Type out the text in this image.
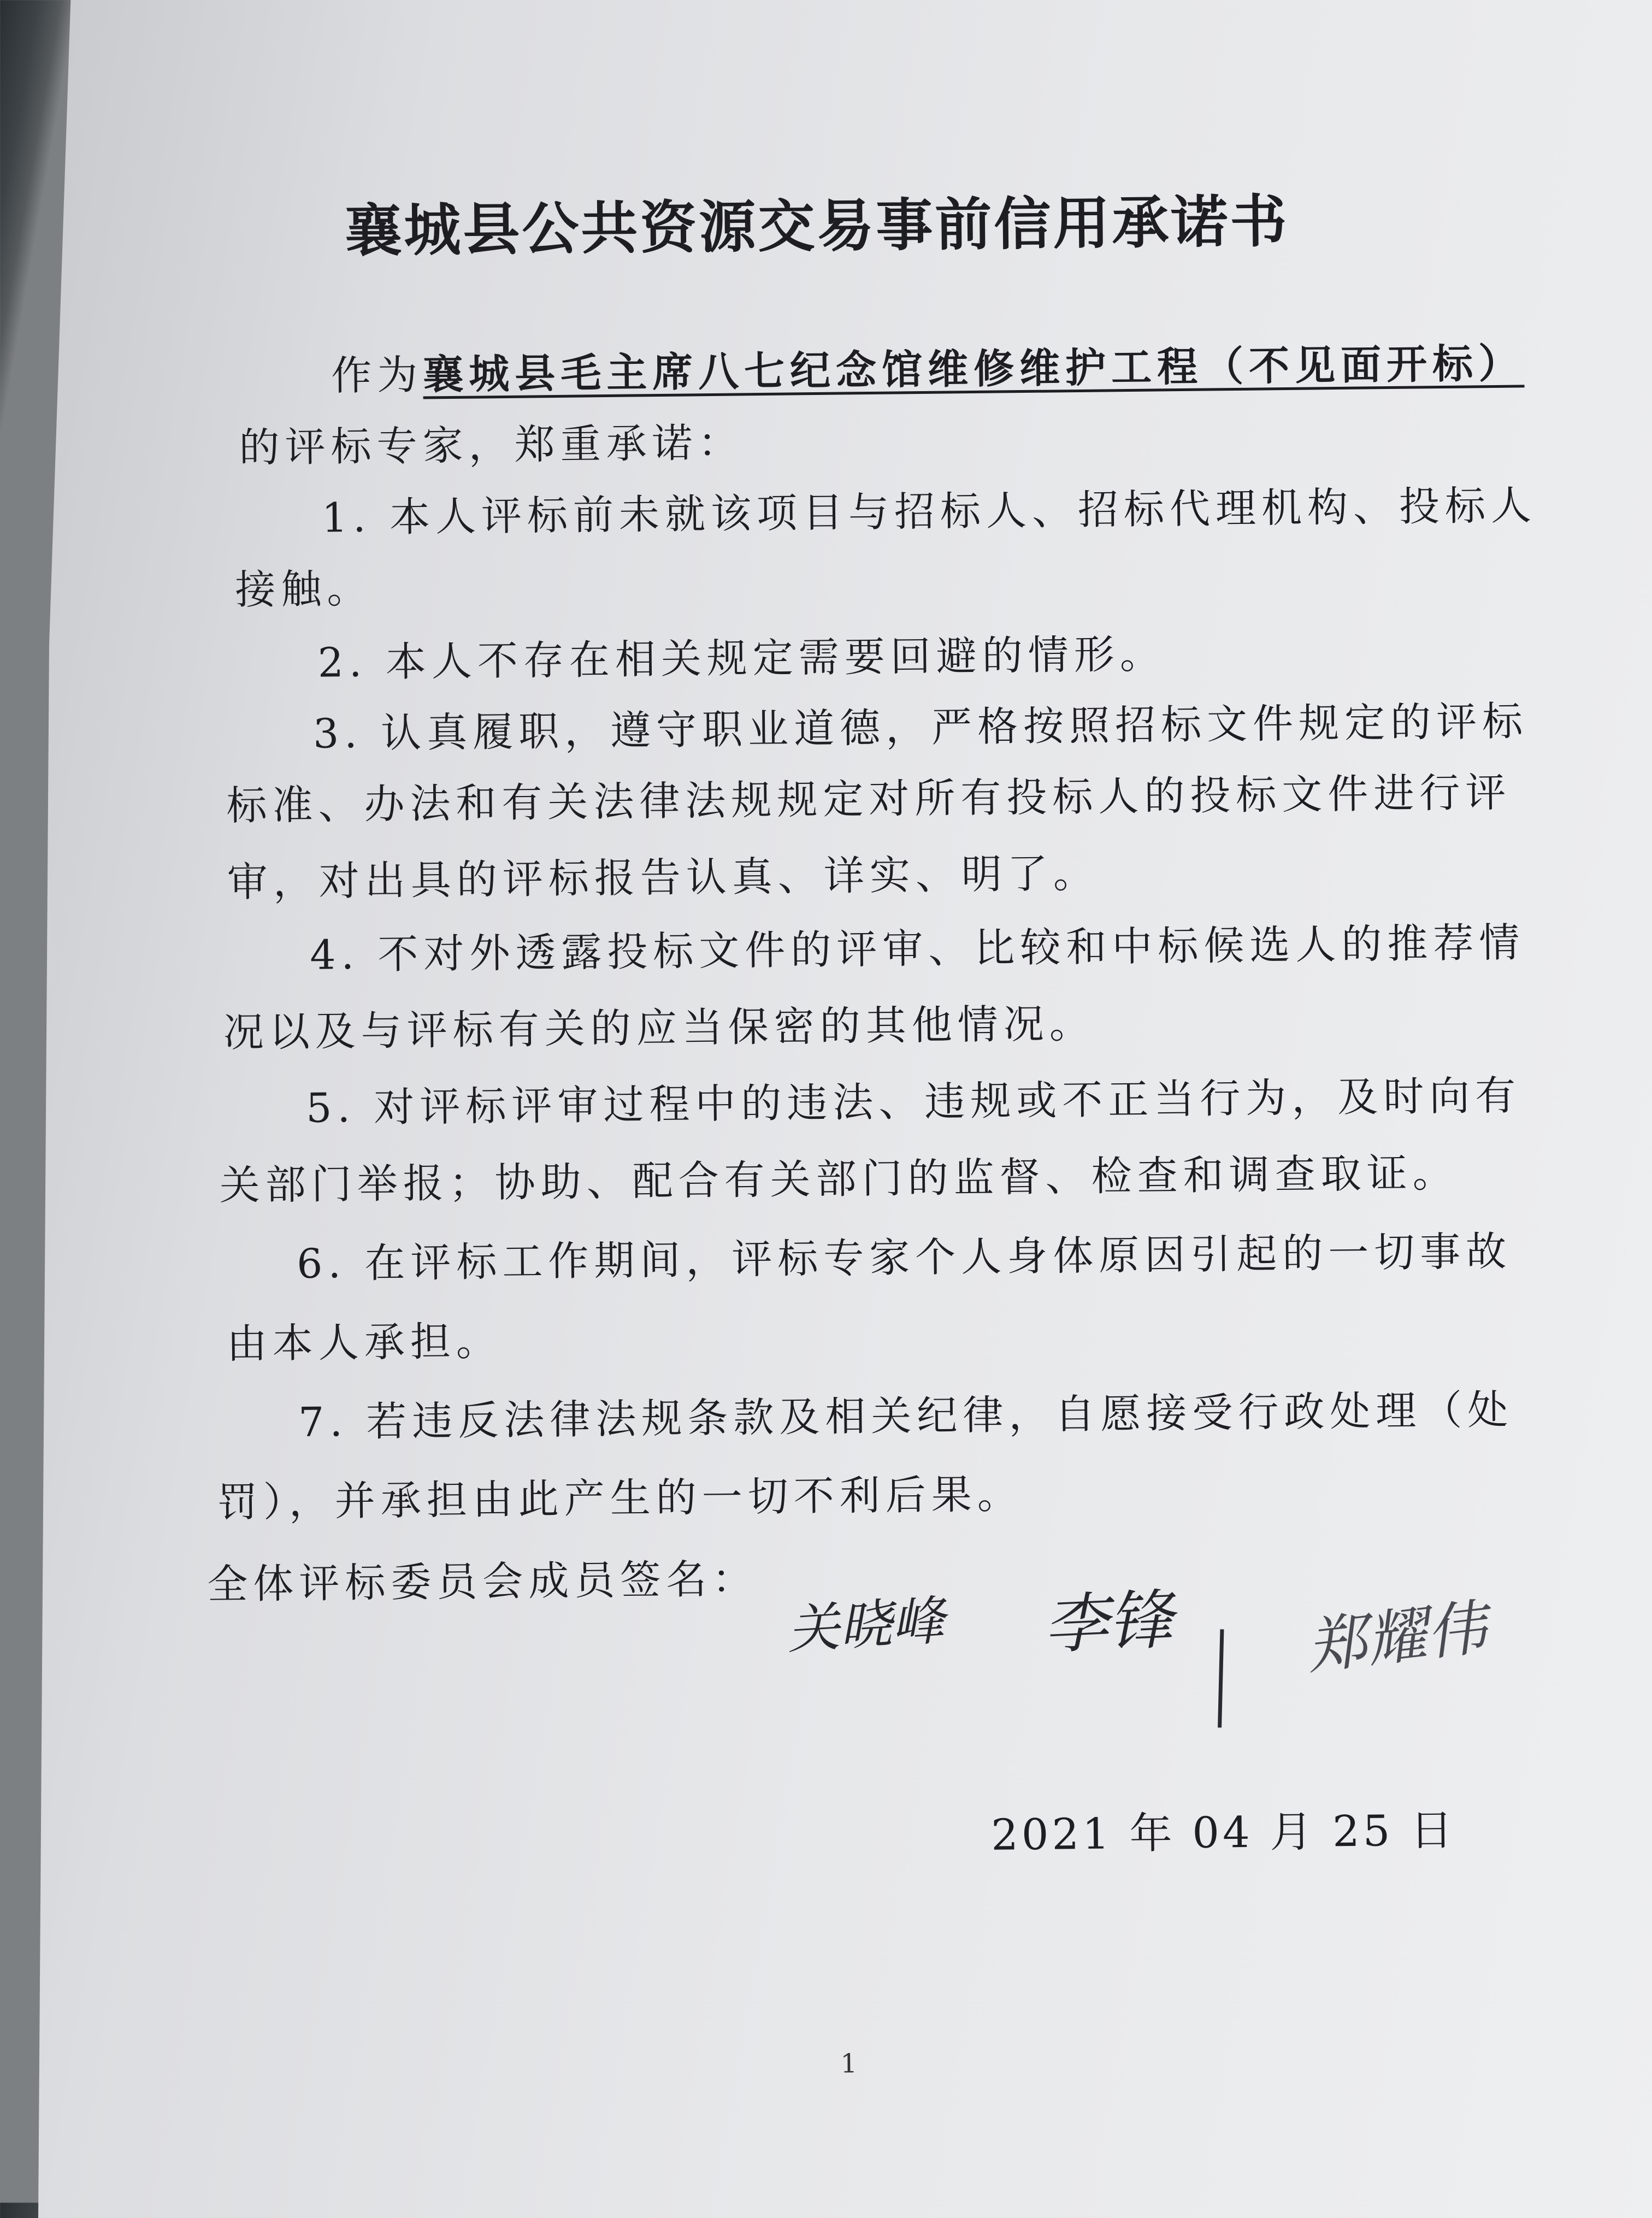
襄城县公共资源交易事前信用承诺书
作为襄城县毛主席八七纪念馆维修维护工程（不见面开标）
的评标专家，郑重承诺：
1. 本人评标前未就该项目与招标人、招标代理机构、投标人
接触。
2. 本人不存在相关规定需要回避的情形。
3. 认真履职，遵守职业道德，严格按照招标文件规定的评标
标准、办法和有关法律法规规定对所有投标人的投标文件进行评
审，对出具的评标报告认真、详实、明了。
4. 不对外透露投标文件的评审、比较和中标候选人的推荐情
况以及与评标有关的应当保密的其他情况。
5. 对评标评审过程中的违法、违规或不正当行为，及时向有
关部门举报；协助、配合有关部门的监督、检查和调查取证。
6. 在评标工作期间，评标专家个人身体原因引起的一切事故
由本人承担。
7. 若违反法律法规条款及相关纪律，自愿接受行政处理（处
罚），并承担由此产生的一切不利后果。
全体评标委员会成员签名：
关晓峰 李锋 郑耀伟
2021 年 04 月 25 日
1
